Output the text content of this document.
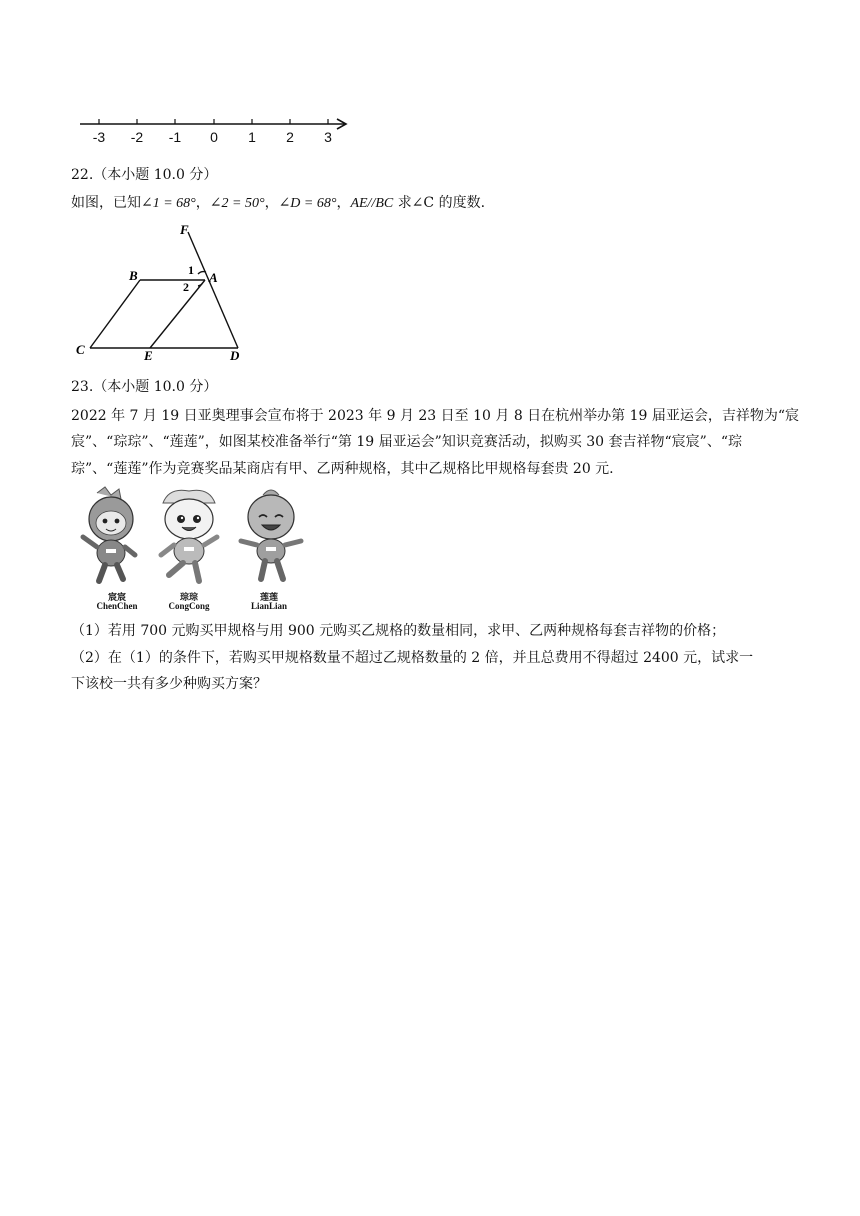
-3 -2 -1 0 1 2 3
22.（本小题 10.0 分）
如图，已知∠1 = 68°，∠2 = 50°，∠D = 68°，AE//BC 求∠C 的度数.
F
B	A
C	E	D
1
2
23.（本小题 10.0 分）
2022 年 7 月 19 日亚奥理事会宣布将于 2023 年 9 月 23 日至 10 月 8 日在杭州举办第 19 届亚运会，吉祥物为“宸
宸”、“琮琮”、“莲莲”，如图某校准备举行“第 19 届亚运会”知识竞赛活动，拟购买 30 套吉祥物“宸宸”、“琮
琮”、“莲莲”作为竞赛奖品某商店有甲、乙两种规格，其中乙规格比甲规格每套贵 20 元.
宸宸
ChenChen
琮琮
CongCong
莲莲
LianLian
（1）若用 700 元购买甲规格与用 900 元购买乙规格的数量相同，求甲、乙两种规格每套吉祥物的价格；
（2）在（1）的条件下，若购买甲规格数量不超过乙规格数量的 2 倍，并且总费用不得超过 2400 元，试求一
下该校一共有多少种购买方案？
